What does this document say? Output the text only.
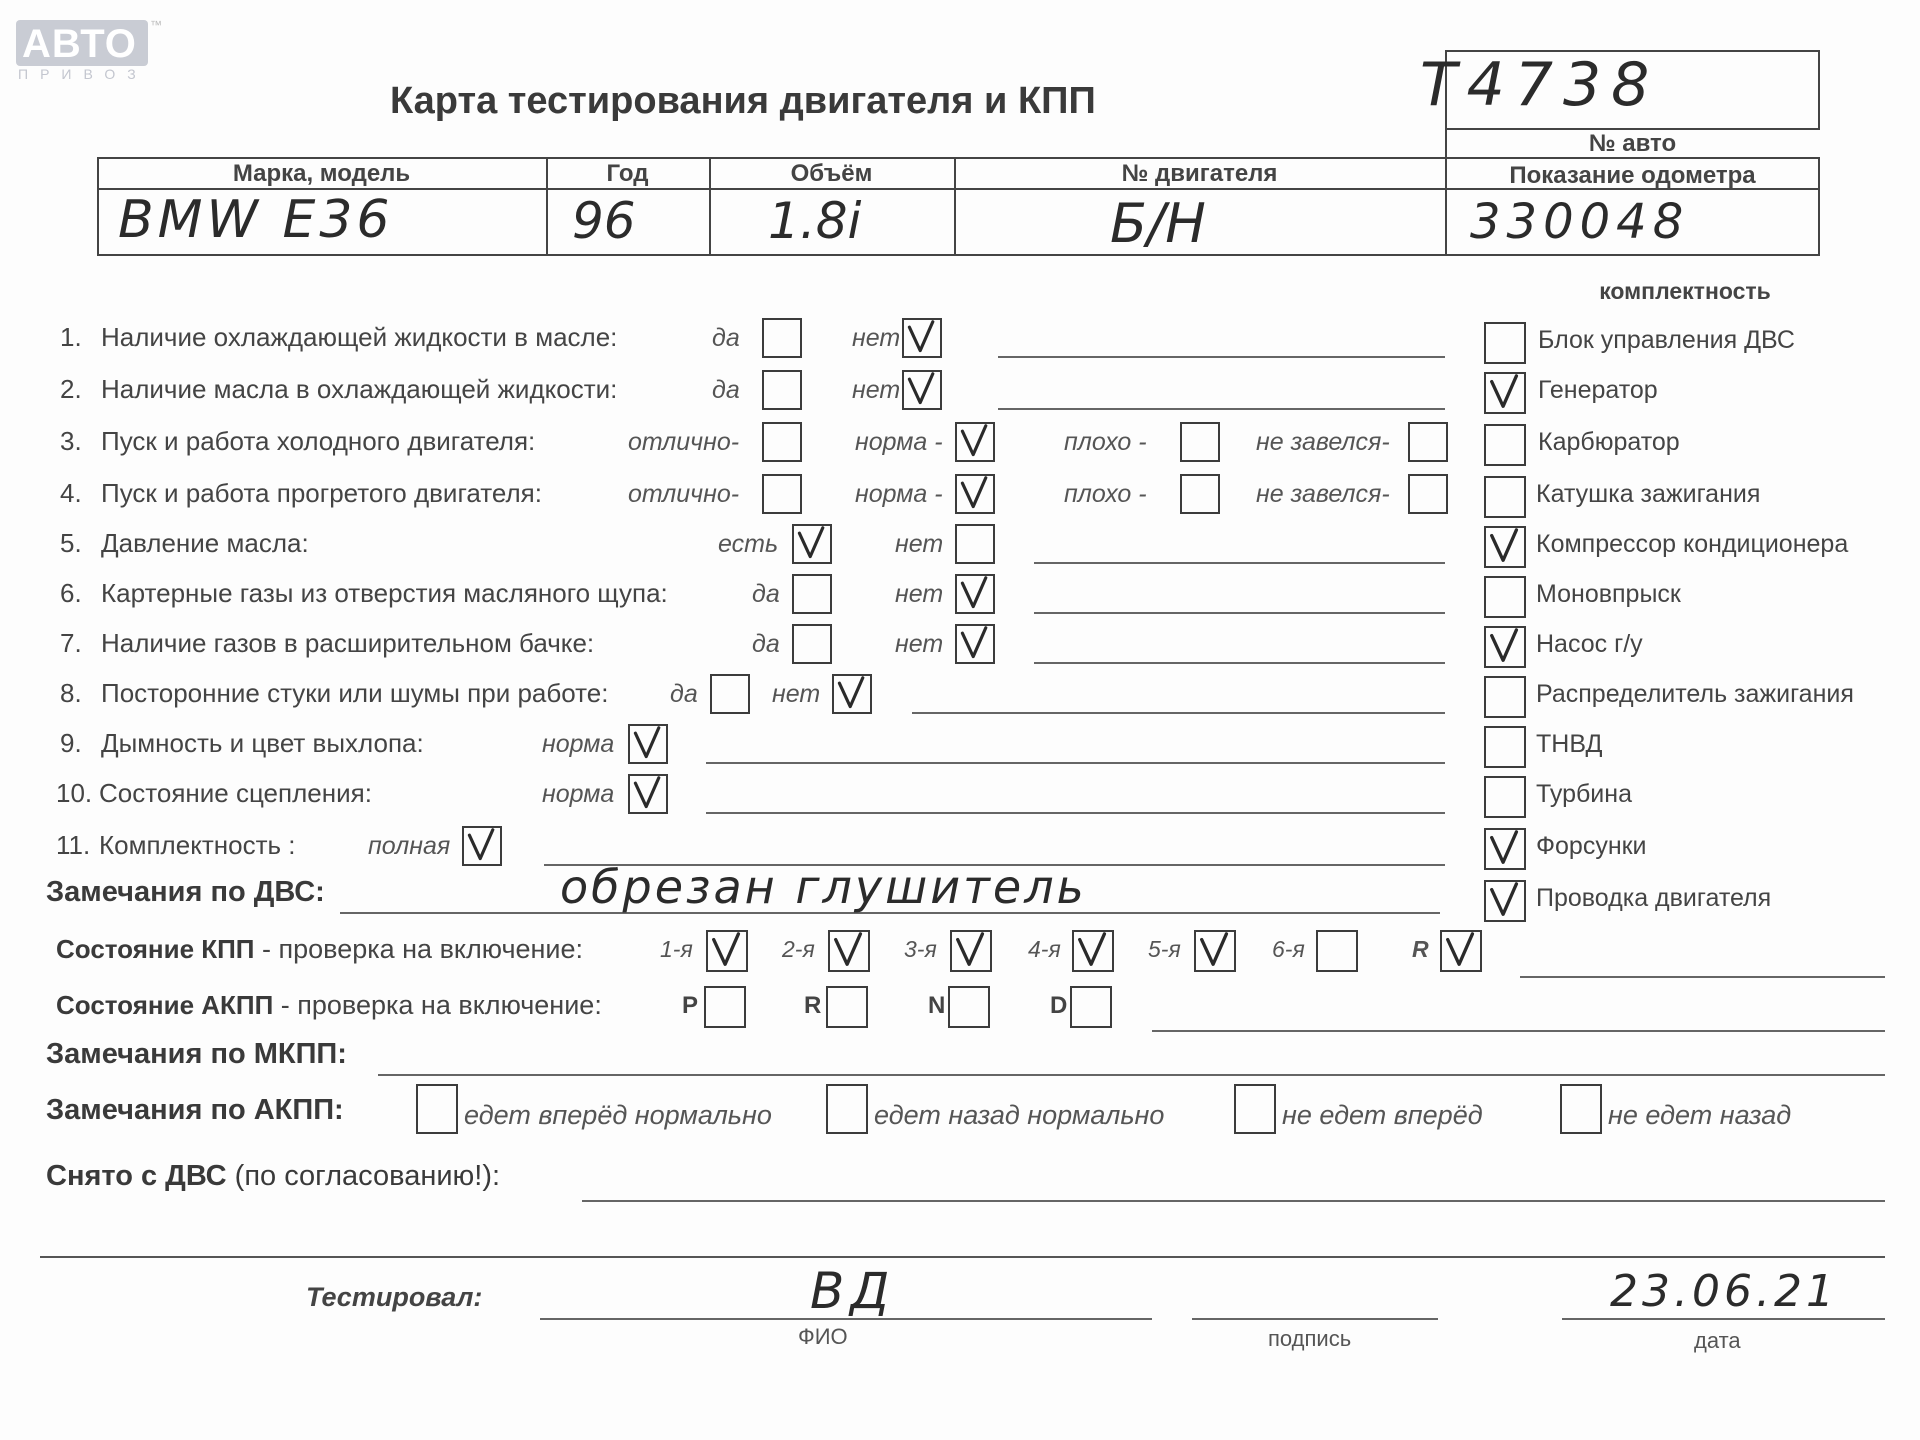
АВТО ™
ПРИВОЗ
Карта тестирования двигателя и КПП	Т4738
№ авто
Марка, модель	Год	Объём	№ двигателя	Показание одометра
BMW E36	96	1.8i	Б/Н	330048
1. Наличие охлаждающей жидкости в масле:	да	нет
2. Наличие масла в охлаждающей жидкости:	да	нет
3. Пуск и работа холодного двигателя:	отлично-	норма -	плохо -	не завелся-
4. Пуск и работа прогретого двигателя:	отлично-	норма -	плохо -	не завелся-
5. Давление масла:	есть	нет
6. Картерные газы из отверстия масляного щупа:	да	нет
7. Наличие газов в расширительном бачке:	да	нет
8. Посторонние стуки или шумы при работе: да	нет
9. Дымность и цвет выхлопа:	норма
10. Состояние сцепления:	норма
11. Комплектность :	полная
комплектность
Блок управления ДВС
Генератор
Карбюратор
Катушка зажигания
Компрессор кондиционера
Моновпрыск
Насос г/у
Распределитель зажигания
ТНВД
Турбина
Форсунки
Проводка двигателя
Замечания по ДВС:	обрезан глушитель
Состояние КПП - проверка на включение:	1-я	2-я	3-я	4-я	5-я	6-я	R
Состояние АКПП - проверка на включение:	P	R	N	D
Замечания по МКПП:
Замечания по АКПП:	едет вперёд нормально	едет назад нормально	не едет вперёд	не едет назад
Снято с ДВС (по согласованию!):
Тестировал:	ВД
ФИО	подпись
23.06.21
дата
